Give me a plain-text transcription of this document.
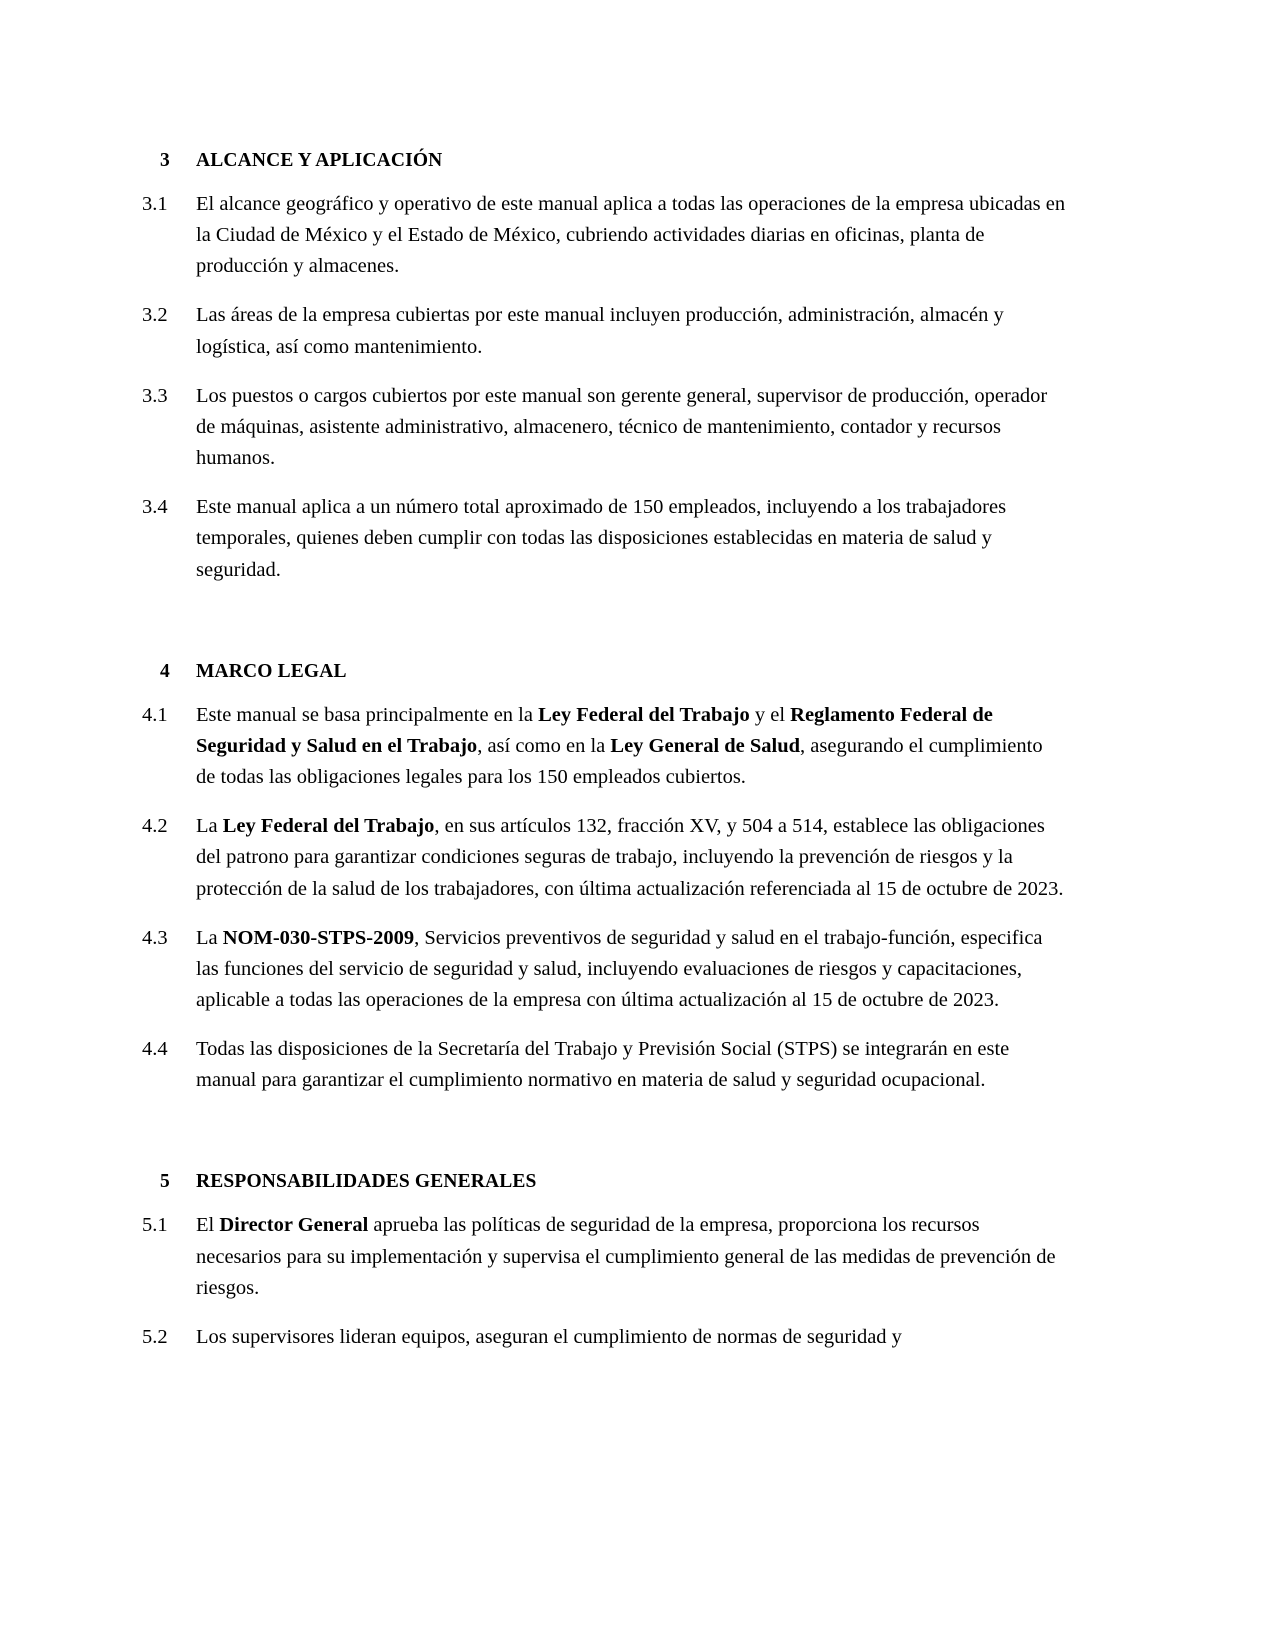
3	ALCANCE Y APLICACIÓN
3.1	El alcance geográfico y operativo de este manual aplica a todas las operaciones de la empresa ubicadas en la Ciudad de México y el Estado de México, cubriendo actividades diarias en oficinas, planta de producción y almacenes.
3.2	Las áreas de la empresa cubiertas por este manual incluyen producción, administración, almacén y logística, así como mantenimiento.
3.3	Los puestos o cargos cubiertos por este manual son gerente general, supervisor de producción, operador de máquinas, asistente administrativo, almacenero, técnico de mantenimiento, contador y recursos humanos.
3.4	Este manual aplica a un número total aproximado de 150 empleados, incluyendo a los trabajadores temporales, quienes deben cumplir con todas las disposiciones establecidas en materia de salud y seguridad.
4	MARCO LEGAL
4.1	Este manual se basa principalmente en la Ley Federal del Trabajo y el Reglamento Federal de Seguridad y Salud en el Trabajo, así como en la Ley General de Salud, asegurando el cumplimiento de todas las obligaciones legales para los 150 empleados cubiertos.
4.2	La Ley Federal del Trabajo, en sus artículos 132, fracción XV, y 504 a 514, establece las obligaciones del patrono para garantizar condiciones seguras de trabajo, incluyendo la prevención de riesgos y la protección de la salud de los trabajadores, con última actualización referenciada al 15 de octubre de 2023.
4.3	La NOM-030-STPS-2009, Servicios preventivos de seguridad y salud en el trabajo-función, especifica las funciones del servicio de seguridad y salud, incluyendo evaluaciones de riesgos y capacitaciones, aplicable a todas las operaciones de la empresa con última actualización al 15 de octubre de 2023.
4.4	Todas las disposiciones de la Secretaría del Trabajo y Previsión Social (STPS) se integrarán en este manual para garantizar el cumplimiento normativo en materia de salud y seguridad ocupacional.
5	RESPONSABILIDADES GENERALES
5.1	El Director General aprueba las políticas de seguridad de la empresa, proporciona los recursos necesarios para su implementación y supervisa el cumplimiento general de las medidas de prevención de riesgos.
5.2	Los supervisores lideran equipos, aseguran el cumplimiento de normas de seguridad y
